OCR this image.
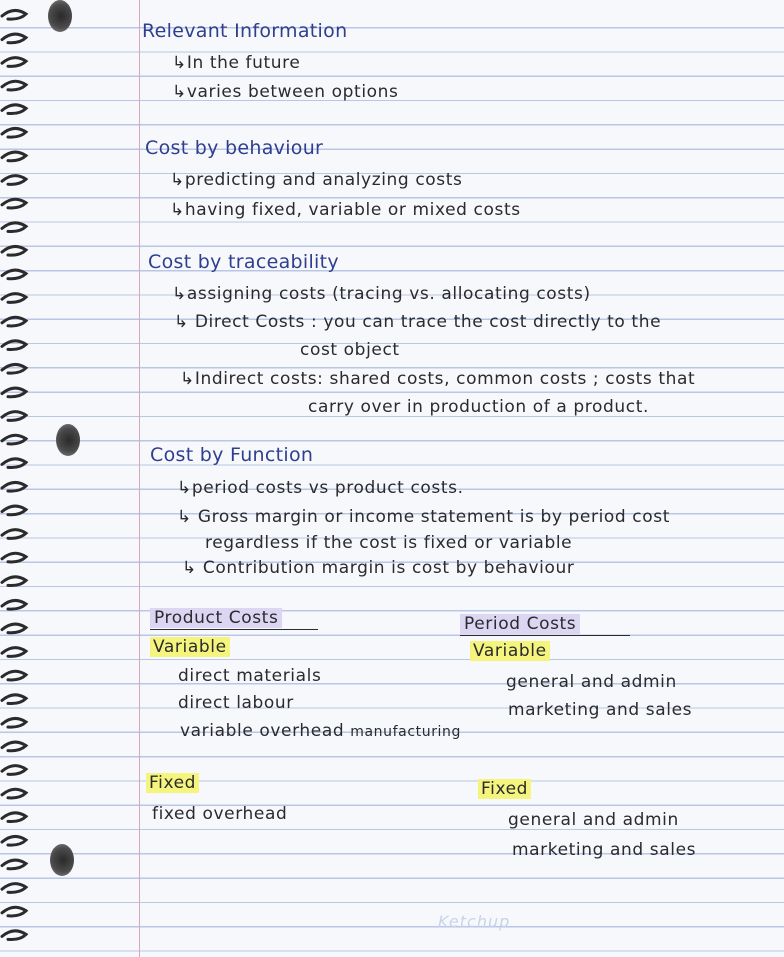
Relevant Information

↳In the future

↳varies between options

Cost by behaviour

↳predicting and analyzing costs

↳having fixed, variable or mixed costs

Cost by traceability

↳assigning costs (tracing vs. allocating costs)

↳ Direct Costs : you can trace the cost directly to the

cost object

↳Indirect costs: shared costs, common costs ; costs that

carry over in production of a product.

Cost by Function

↳period costs vs product costs.

↳ Gross margin or income statement is by period cost

regardless if the cost is fixed or variable

↳ Contribution margin is cost by behaviour

Product Costs

Variable

direct materials

direct labour

variable overhead manufacturing

Fixed

fixed overhead

Period Costs

Variable

general and admin

marketing and sales

Fixed

general and admin

marketing and sales

Ketchup
